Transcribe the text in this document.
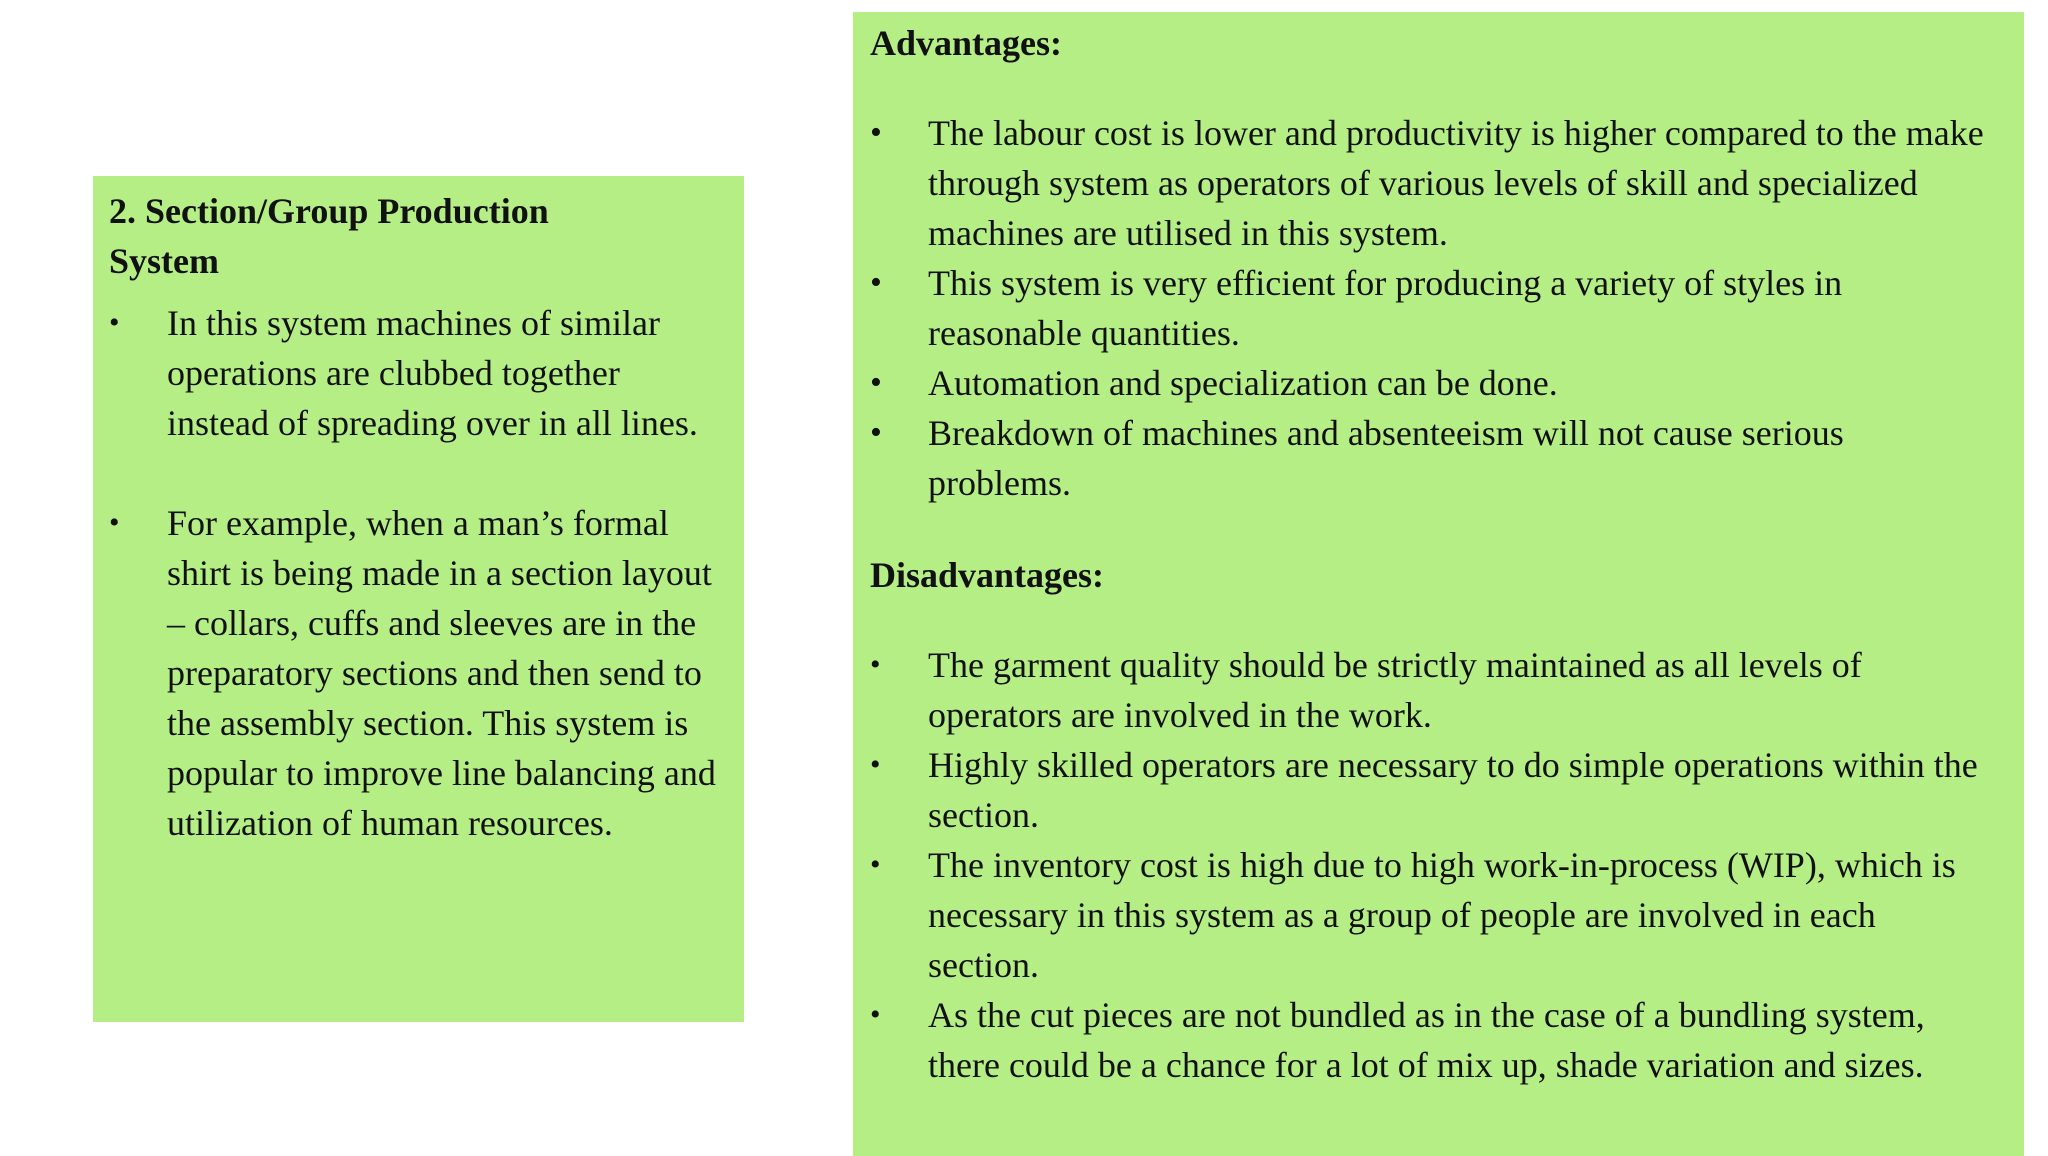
2. Section/Group Production System
• In this system machines of similar operations are clubbed together instead of spreading over in all lines.
• For example, when a man’s formal shirt is being made in a section layout – collars, cuffs and sleeves are in the preparatory sections and then send to the assembly section. This system is popular to improve line balancing and utilization of human resources.
Advantages:
• The labour cost is lower and productivity is higher compared to the make through system as operators of various levels of skill and specialized machines are utilised in this system.
• This system is very efficient for producing a variety of styles in reasonable quantities.
• Automation and specialization can be done.
• Breakdown of machines and absenteeism will not cause serious problems.
Disadvantages:
• The garment quality should be strictly maintained as all levels of operators are involved in the work.
• Highly skilled operators are necessary to do simple operations within the section.
• The inventory cost is high due to high work-in-process (WIP), which is necessary in this system as a group of people are involved in each section.
• As the cut pieces are not bundled as in the case of a bundling system, there could be a chance for a lot of mix up, shade variation and sizes.
